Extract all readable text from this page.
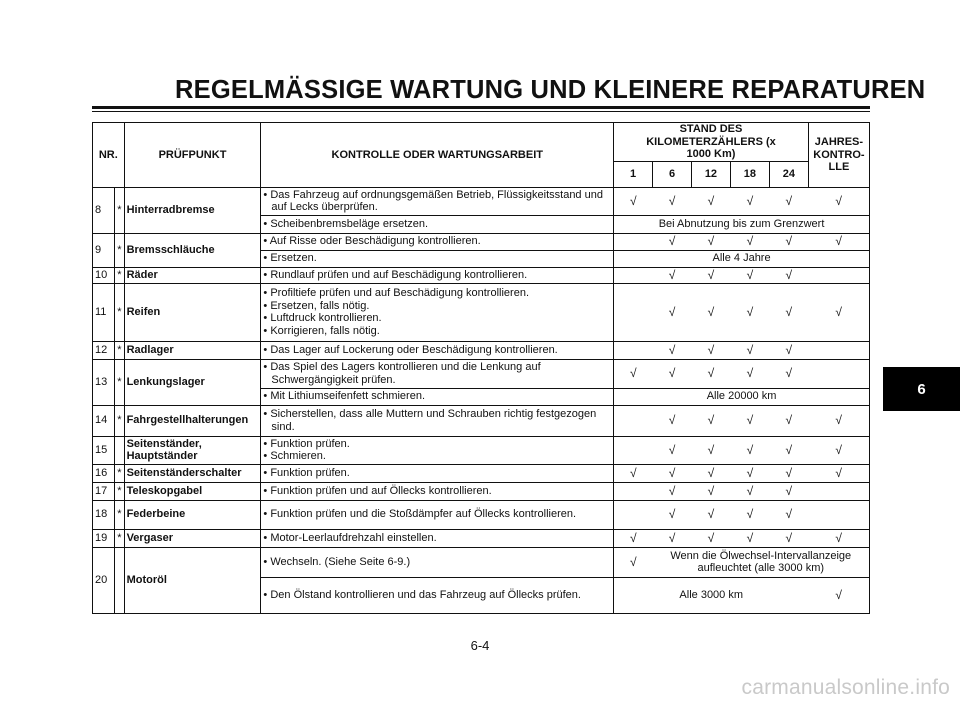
REGELMÄSSIGE WARTUNG UND KLEINERE REPARATUREN
NR.		PRÜFPUNKT	KONTROLLE ODER WARTUNGSARBEIT	STAND DES KILOMETERZÄHLERS (x 1000 Km)					JAHRES-KONTRO-LLE
				1	6	12	18	24	
8	*	Hinterradbremse	• Das Fahrzeug auf ordnungsgemäßen Betrieb, Flüssigkeitsstand und auf Lecks überprüfen.	√	√	√	√	√	√

			• Scheibenbremsbeläge ersetzen.	Bei Abnutzung bis zum Grenzwert					
9	*	Bremsschläuche	• Auf Risse oder Beschädigung kontrollieren.		√	√	√	√	√

			• Ersetzen.	Alle 4 Jahre					
10	*	Räder	• Rundlauf prüfen und auf Beschädigung kontrollieren.		√	√	√	√	
11	*	Reifen	• Profiltiefe prüfen und auf Beschädigung kontrollieren.
• Ersetzen, falls nötig.
• Luftdruck kontrollieren.
• Korrigieren, falls nötig.		√	√	√	√	√
12	*	Radlager	• Das Lager auf Lockerung oder Beschädigung kontrollieren.		√	√	√	√	
13	*	Lenkungslager	• Das Spiel des Lagers kontrollieren und die Lenkung auf Schwergängigkeit prüfen.	√	√	√	√	√	

			• Mit Lithiumseifenfett schmieren.	Alle 20000 km					
14	*	Fahrgestellhalterungen	• Sicherstellen, dass alle Muttern und Schrauben richtig festgezogen sind.		√	√	√	√	√
15		Seitenständer, Hauptständer	• Funktion prüfen.
• Schmieren.		√	√	√	√	√
16	*	Seitenständerschalter	• Funktion prüfen.	√	√	√	√	√	√
17	*	Teleskopgabel	• Funktion prüfen und auf Öllecks kontrollieren.		√	√	√	√	
18	*	Federbeine	• Funktion prüfen und die Stoßdämpfer auf Öllecks kontrollieren.		√	√	√	√	
19	*	Vergaser	• Motor-Leerlaufdrehzahl einstellen.	√	√	√	√	√	√
20		Motoröl	• Wechseln. (Siehe Seite 6-9.)	√	Wenn die Ölwechsel-Intervallanzeige aufleuchtet (alle 3000 km)				

			• Den Ölstand kontrollieren und das Fahrzeug auf Öllecks prüfen.	Alle 3000 km					√
6
6-4
carmanualsonline.info
